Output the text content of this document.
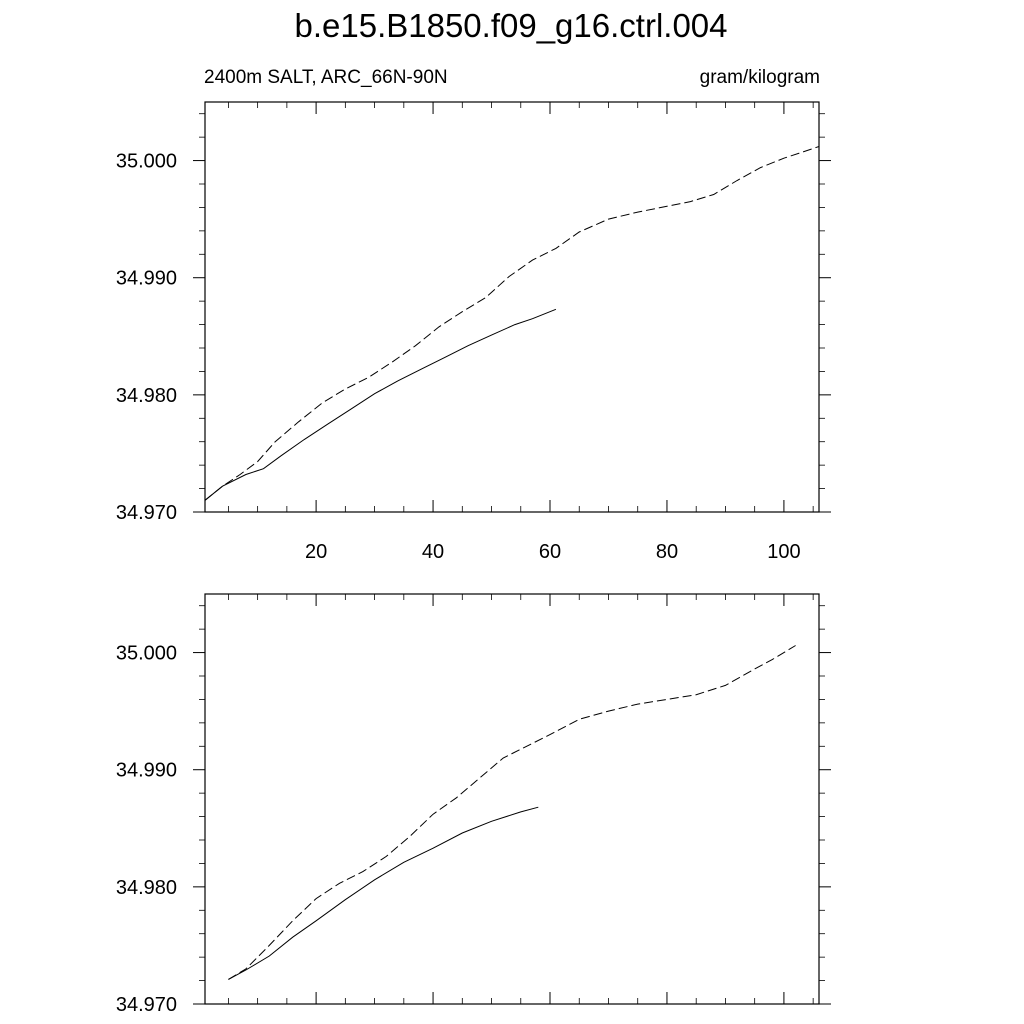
b.e15.B1850.f09_g16.ctrl.004
2400m SALT, ARC_66N-90N	gram/kilogram
20	40	60	80	100
34.970
34.980
34.990
35.000
34.970
34.980
34.990
35.000
